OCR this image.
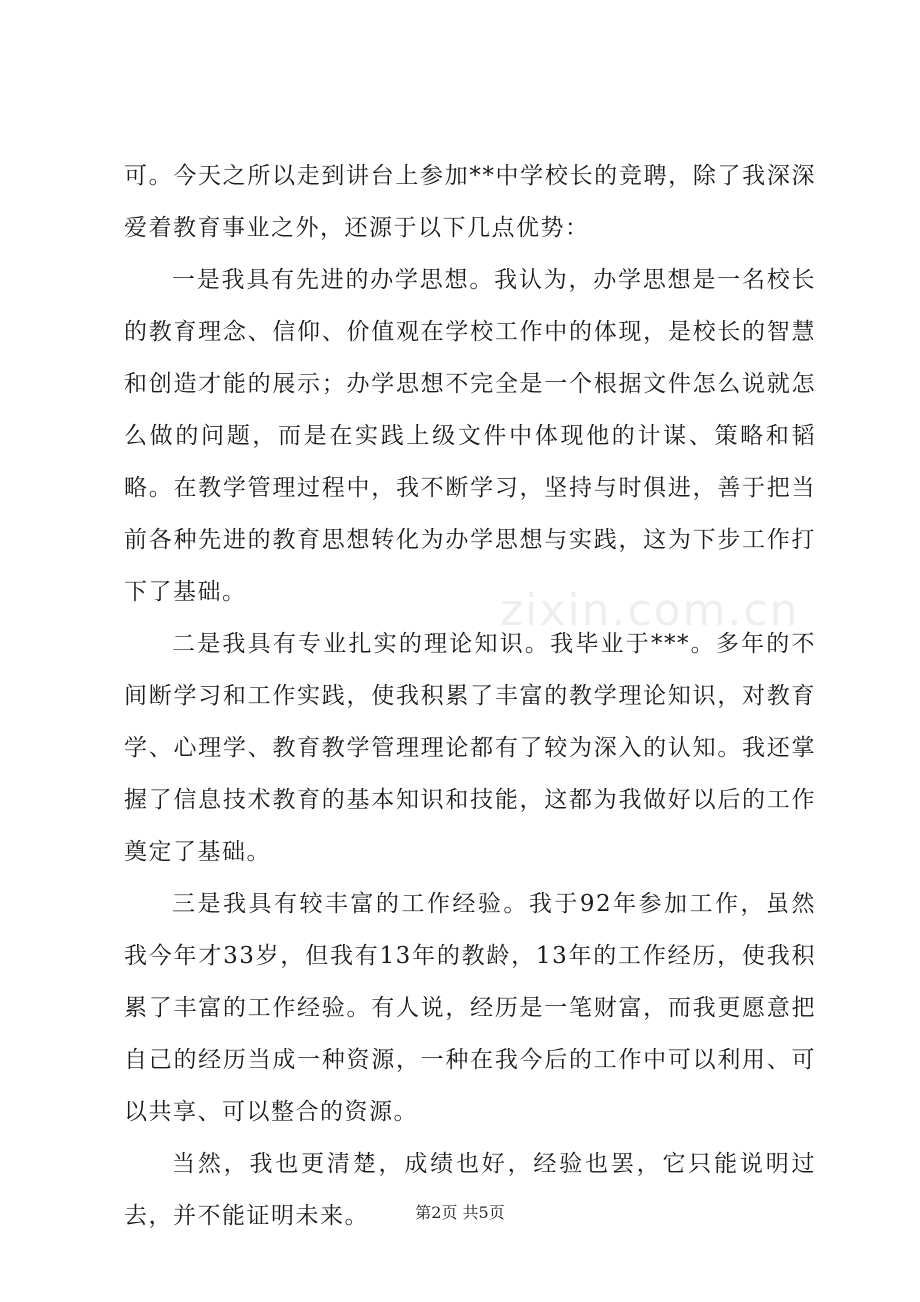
可。今天之所以走到讲台上参加**中学校长的竞聘，除了我深深爱着教育事业之外，还源于以下几点优势：

一是我具有先进的办学思想。我认为，办学思想是一名校长的教育理念、信仰、价值观在学校工作中的体现，是校长的智慧和创造才能的展示；办学思想不完全是一个根据文件怎么说就怎么做的问题，而是在实践上级文件中体现他的计谋、策略和韬略。在教学管理过程中，我不断学习，坚持与时俱进，善于把当前各种先进的教育思想转化为办学思想与实践，这为下步工作打下了基础。

二是我具有专业扎实的理论知识。我毕业于***。多年的不间断学习和工作实践，使我积累了丰富的教学理论知识，对教育学、心理学、教育教学管理理论都有了较为深入的认知。我还掌握了信息技术教育的基本知识和技能，这都为我做好以后的工作奠定了基础。

三是我具有较丰富的工作经验。我于92年参加工作，虽然我今年才33岁，但我有13年的教龄，13年的工作经历，使我积累了丰富的工作经验。有人说，经历是一笔财富，而我更愿意把自己的经历当成一种资源，一种在我今后的工作中可以利用、可以共享、可以整合的资源。

当然，我也更清楚，成绩也好，经验也罢，它只能说明过去，并不能证明未来。

zixin.com.cn
第2页 共5页
